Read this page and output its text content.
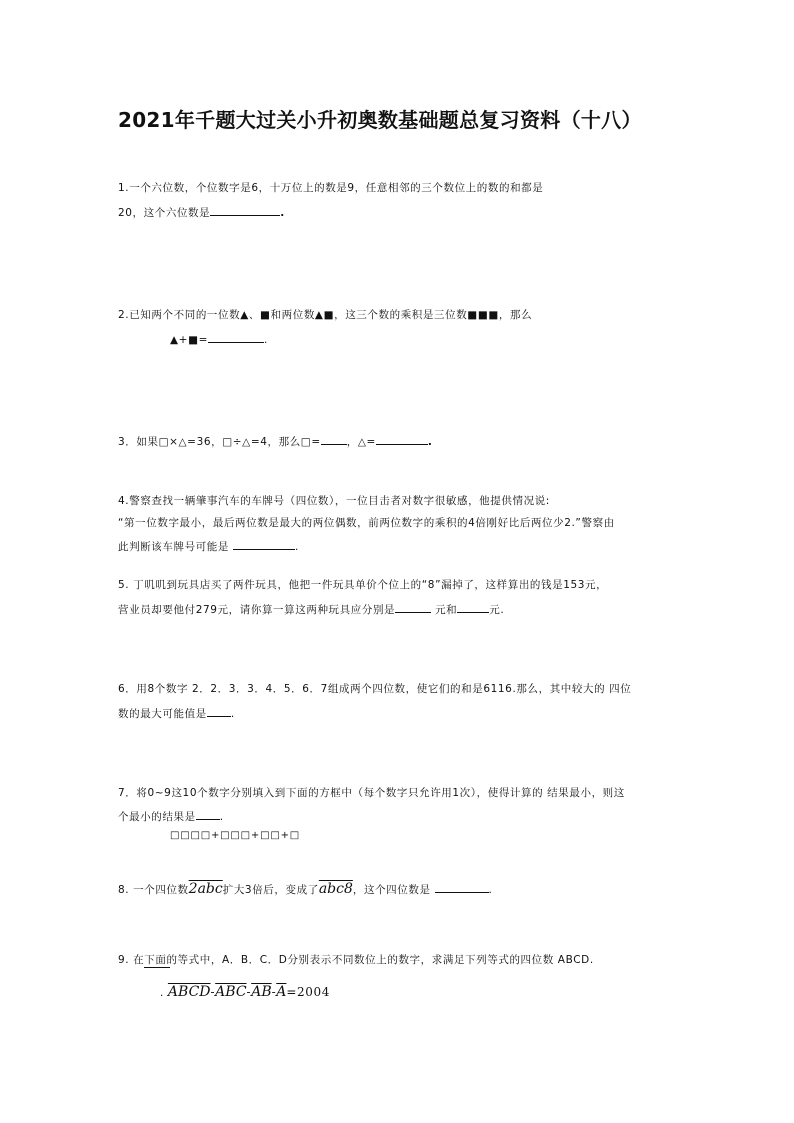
2021年千题大过关小升初奥数基础题总复习资料（十八）
1.一个六位数，个位数字是6，十万位上的数是9，任意相邻的三个数位上的数的和都是
20，这个六位数是	.
2.已知两个不同的一位数▲、■和两位数▲■，这三个数的乘积是三位数■■■，那么
▲+■=	.
3．如果□×△=36，□÷△=4，那么□= ，△=	.
4.警察查找一辆肇事汽车的车牌号（四位数），一位目击者对数字很敏感，他提供情况说:
“第一位数字最小，最后两位数是最大的两位偶数，前两位数字的乘积的4倍刚好比后两位少2.”警察由
此判断该车牌号可能是	.
5. 丁叽叽到玩具店买了两件玩具，他把一件玩具单价个位上的“8”漏掉了，这样算出的钱是153元，
营业员却要他付279元，请你算一算这两种玩具应分别是	元和	元.
6．用8个数字 2．2．3．3．4．5．6．7组成两个四位数，使它们的和是6116.那么，其中较大的 四位
数的最大可能值是 .
7．将0~9这10个数字分别填入到下面的方框中（每个数字只允许用1次），使得计算的 结果最小，则这
个最小的结果是 .
□□□□+□□□+□□+□
8. 一个四位数2abc扩大3倍后，变成了abc8，这个四位数是	.
9. 在下面的等式中，A．B．C．D分别表示不同数位上的数字，求满足下列等式的四位数 ABCD.
. ABCD-$\overline{ABC}-\overline{AB}-\overline{A}=2004$
